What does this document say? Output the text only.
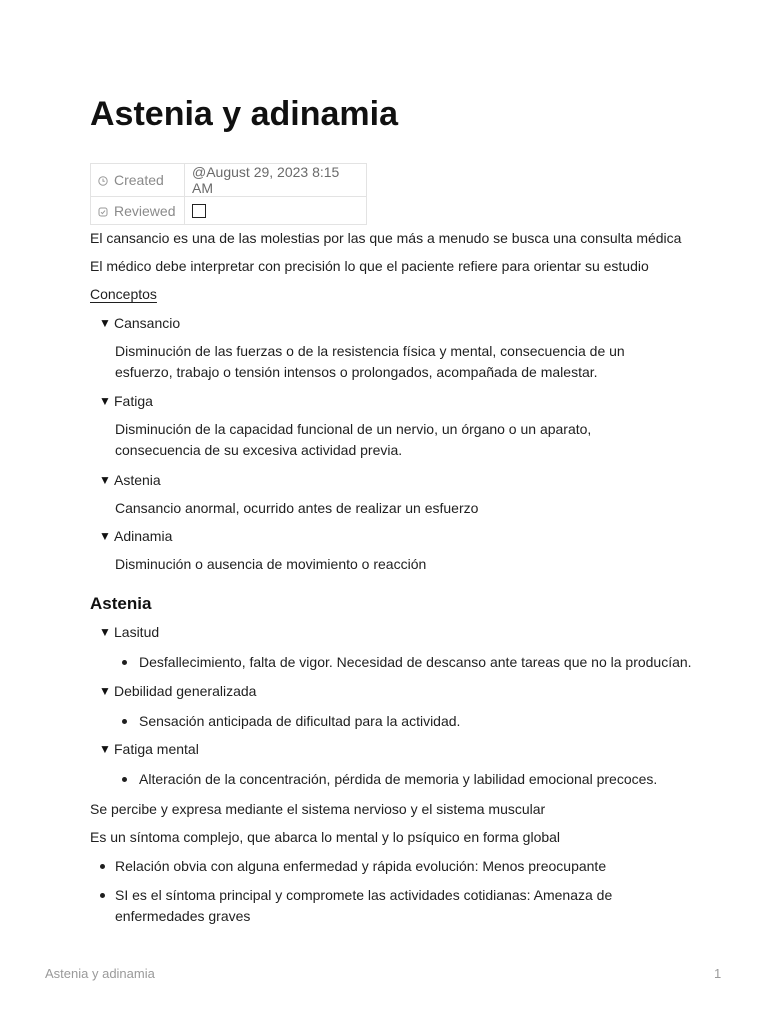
Astenia y adinamia
Created	@August 29, 2023 8:15 AM
Reviewed	
El cansancio es una de las molestias por las que más a menudo se busca una consulta médica
El médico debe interpretar con precisión lo que el paciente refiere para orientar su estudio
Conceptos
▼ Cansancio
Disminución de las fuerzas o de la resistencia física y mental, consecuencia de un esfuerzo, trabajo o tensión intensos o prolongados, acompañada de malestar.
▼ Fatiga
Disminución de la capacidad funcional de un nervio, un órgano o un aparato, consecuencia de su excesiva actividad previa.
▼ Astenia
Cansancio anormal, ocurrido antes de realizar un esfuerzo
▼ Adinamia
Disminución o ausencia de movimiento o reacción
Astenia
▼ Lasitud
Desfallecimiento, falta de vigor. Necesidad de descanso ante tareas que no la producían.
▼ Debilidad generalizada
Sensación anticipada de dificultad para la actividad.
▼ Fatiga mental
Alteración de la concentración, pérdida de memoria y labilidad emocional precoces.
Se percibe y expresa mediante el sistema nervioso y el sistema muscular
Es un síntoma complejo, que abarca lo mental y lo psíquico en forma global
Relación obvia con alguna enfermedad y rápida evolución: Menos preocupante
SI es el síntoma principal y compromete las actividades cotidianas: Amenaza de enfermedades graves
Astenia y adinamia	1
